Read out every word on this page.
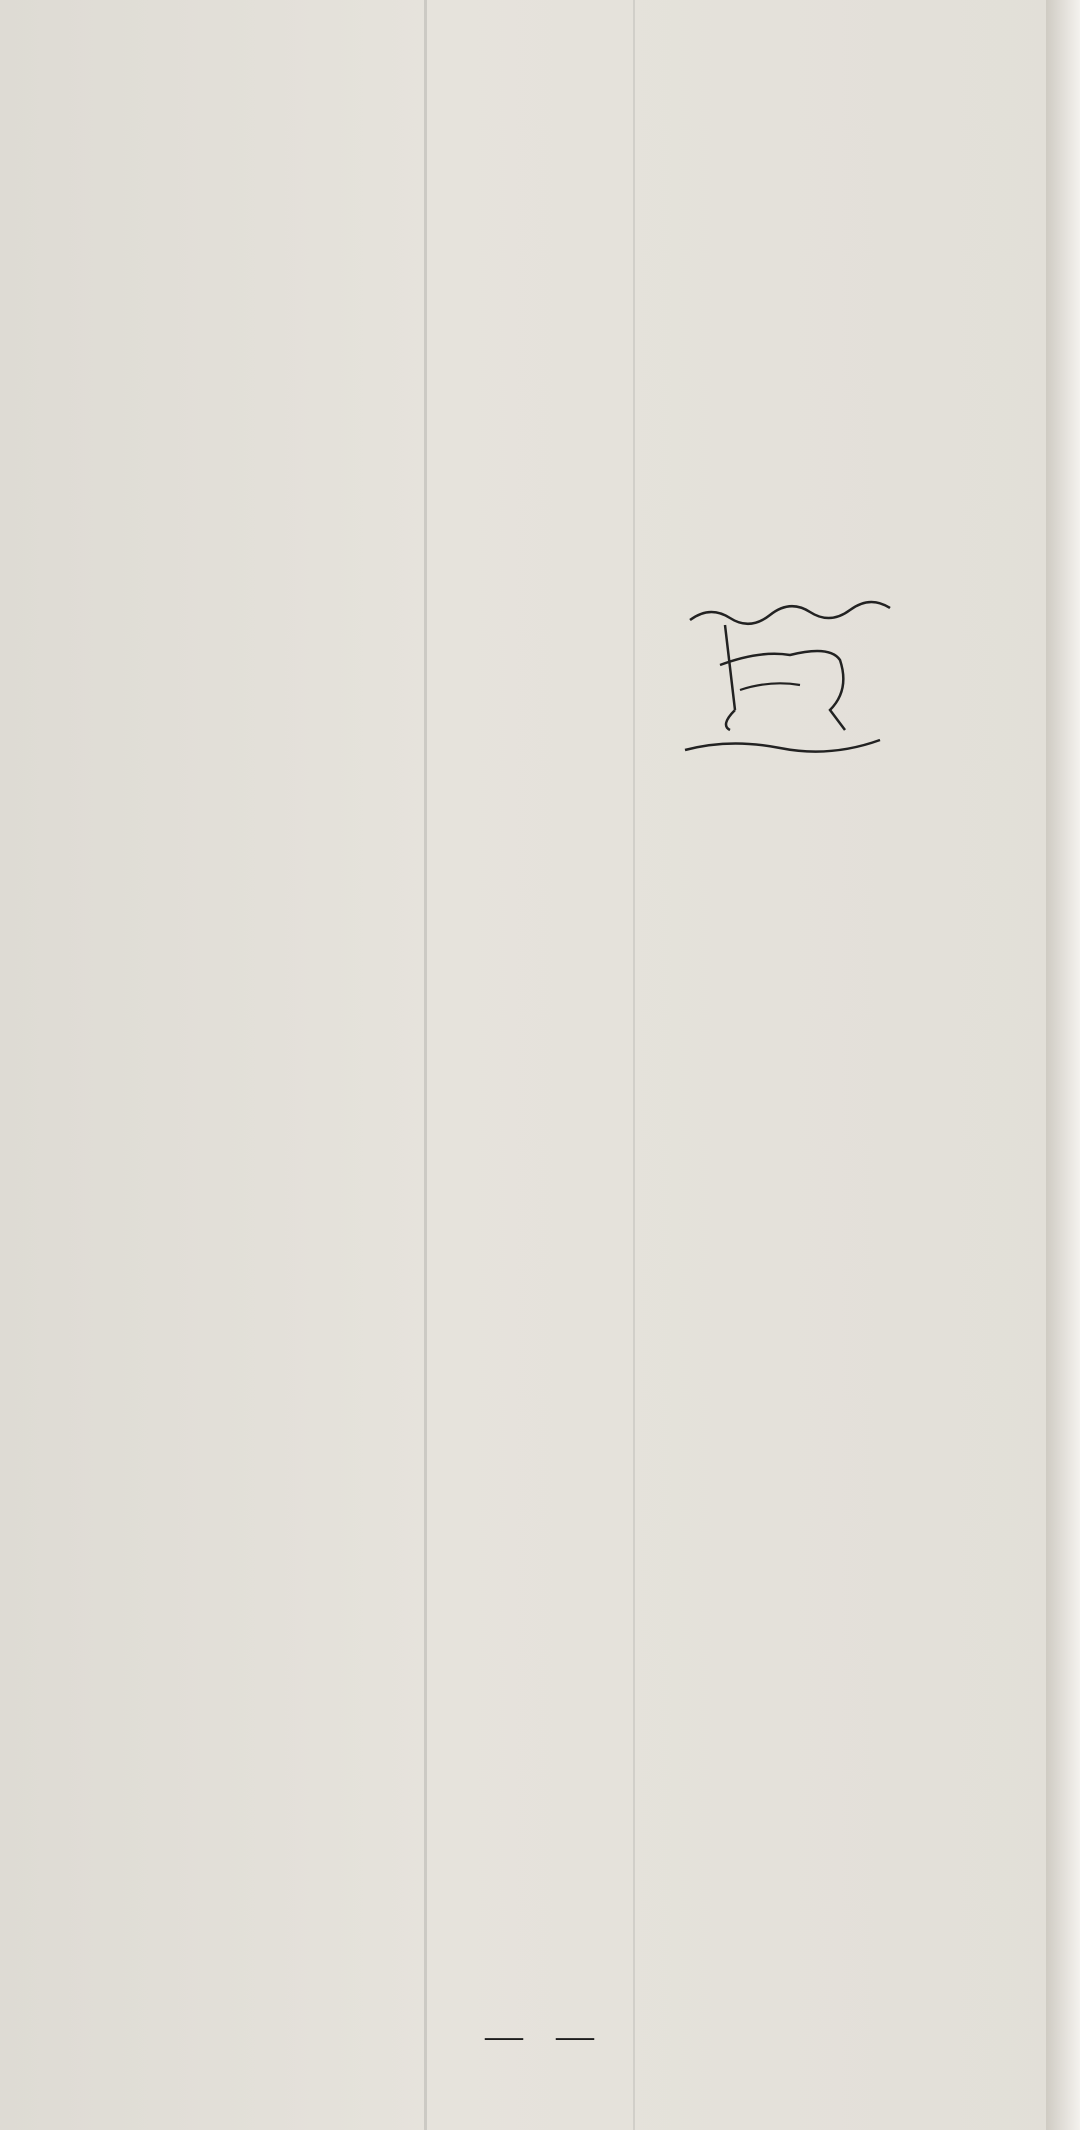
— —
